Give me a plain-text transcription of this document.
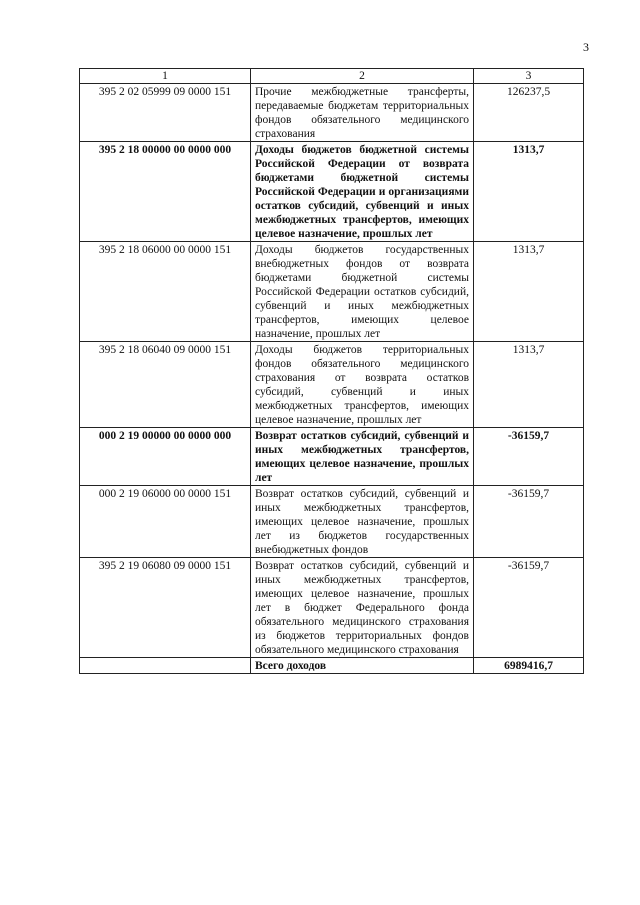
3
1	2	3
395 2 02 05999 09 0000 151	Прочие межбюджетные трансферты, передаваемые бюджетам территориальных фондов обязательного медицинского страхования	126237,5
395 2 18 00000 00 0000 000	Доходы бюджетов бюджетной системы Российской Федерации от возврата бюджетами бюджетной системы Российской Федерации и организациями остатков субсидий, субвенций и иных межбюджетных трансфертов, имеющих целевое назначение, прошлых лет	1313,7
395 2 18 06000 00 0000 151	Доходы бюджетов государственных внебюджетных фондов от возврата бюджетами бюджетной системы Российской Федерации остатков субсидий, субвенций и иных межбюджетных трансфертов, имеющих целевое назначение, прошлых лет	1313,7
395 2 18 06040 09 0000 151	Доходы бюджетов территориальных фондов обязательного медицинского страхования от возврата остатков субсидий, субвенций и иных межбюджетных трансфертов, имеющих целевое назначение, прошлых лет	1313,7
000 2 19 00000 00 0000 000	Возврат остатков субсидий, субвенций и иных межбюджетных трансфертов, имеющих целевое назначение, прошлых лет	-36159,7
000 2 19 06000 00 0000 151	Возврат остатков субсидий, субвенций и иных межбюджетных трансфертов, имеющих целевое назначение, прошлых лет из бюджетов государственных внебюджетных фондов	-36159,7
395 2 19 06080 09 0000 151	Возврат остатков субсидий, субвенций и иных межбюджетных трансфертов, имеющих целевое назначение, прошлых лет в бюджет Федерального фонда обязательного медицинского страхования из бюджетов территориальных фондов обязательного медицинского страхования	-36159,7
	Всего доходов	6989416,7
